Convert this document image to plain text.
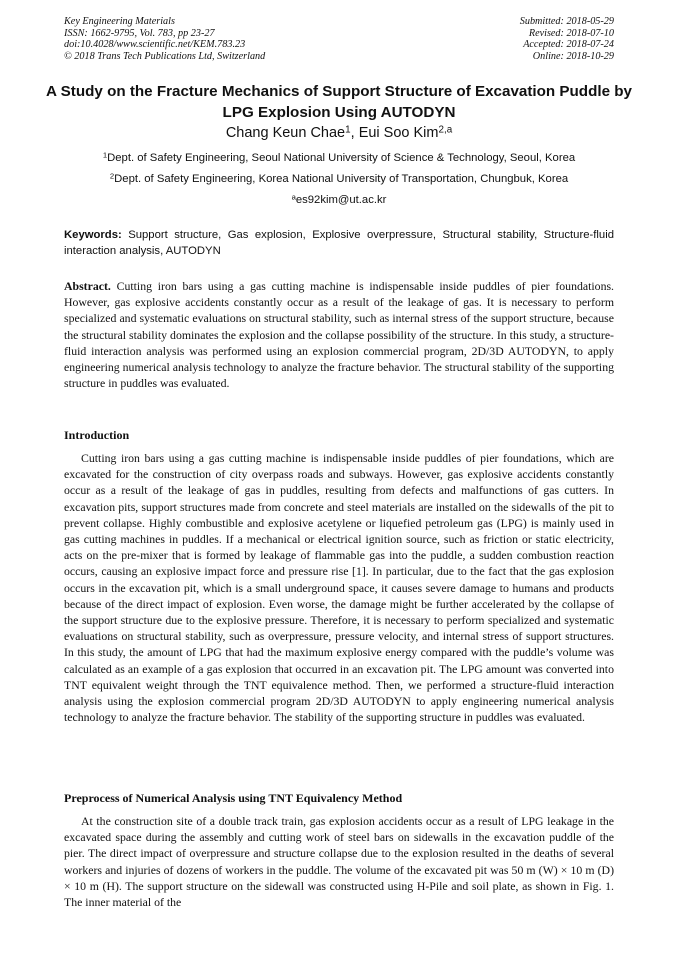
Key Engineering Materials
ISSN: 1662-9795, Vol. 783, pp 23-27
doi:10.4028/www.scientific.net/KEM.783.23
© 2018 Trans Tech Publications Ltd, Switzerland
Submitted: 2018-05-29
Revised: 2018-07-10
Accepted: 2018-07-24
Online: 2018-10-29
A Study on the Fracture Mechanics of Support Structure of Excavation Puddle by LPG Explosion Using AUTODYN
Chang Keun Chae$^1$, Eui Soo Kim$^{2,a}$
$^1$Dept. of Safety Engineering, Seoul National University of Science & Technology, Seoul, Korea
$^2$Dept. of Safety Engineering, Korea National University of Transportation, Chungbuk, Korea
$^a$es92kim@ut.ac.kr
Keywords: Support structure, Gas explosion, Explosive overpressure, Structural stability, Structure-fluid interaction analysis, AUTODYN
Abstract. Cutting iron bars using a gas cutting machine is indispensable inside puddles of pier foundations. However, gas explosive accidents constantly occur as a result of the leakage of gas. It is necessary to perform specialized and systematic evaluations on structural stability, such as internal stress of the support structure, because the structural stability dominates the explosion and the collapse possibility of the structure. In this study, a structure-fluid interaction analysis was performed using an explosion commercial program, 2D/3D AUTODYN, to apply engineering numerical analysis technology to analyze the fracture behavior. The structural stability of the supporting structure in puddles was evaluated.
Introduction
Cutting iron bars using a gas cutting machine is indispensable inside puddles of pier foundations, which are excavated for the construction of city overpass roads and subways. However, gas explosive accidents constantly occur as a result of the leakage of gas in puddles, resulting from defects and malfunctions of gas cutters. In excavation pits, support structures made from concrete and steel materials are installed on the sidewalls of the pit to prevent collapse. Highly combustible and explosive acetylene or liquefied petroleum gas (LPG) is mainly used in gas cutting machines in puddles. If a mechanical or electrical ignition source, such as friction or static electricity, acts on the pre-mixer that is formed by leakage of flammable gas into the puddle, a sudden combustion reaction occurs, causing an explosive impact force and pressure rise [1]. In particular, due to the fact that the gas explosion occurs in the excavation pit, which is a small underground space, it causes severe damage to humans and products because of the direct impact of explosion. Even worse, the damage might be further accelerated by the collapse of the support structure due to the explosive pressure. Therefore, it is necessary to perform specialized and systematic evaluations on structural stability, such as overpressure, pressure velocity, and internal stress of support structures. In this study, the amount of LPG that had the maximum explosive energy compared with the puddle’s volume was calculated as an example of a gas explosion that occurred in an excavation pit. The LPG amount was converted into TNT equivalent weight through the TNT equivalence method. Then, we performed a structure-fluid interaction analysis using the explosion commercial program 2D/3D AUTODYN to apply engineering numerical analysis technology to analyze the fracture behavior. The stability of the supporting structure in puddles was evaluated.
Preprocess of Numerical Analysis using TNT Equivalency Method
At the construction site of a double track train, gas explosion accidents occur as a result of LPG leakage in the excavated space during the assembly and cutting work of steel bars on sidewalls in the excavation puddle of the pier. The direct impact of overpressure and structure collapse due to the explosion resulted in the deaths of several workers and injuries of dozens of workers in the puddle. The volume of the excavated pit was 50 m (W) × 10 m (D) × 10 m (H). The support structure on the sidewall was constructed using H-Pile and soil plate, as shown in Fig. 1. The inner material of the
